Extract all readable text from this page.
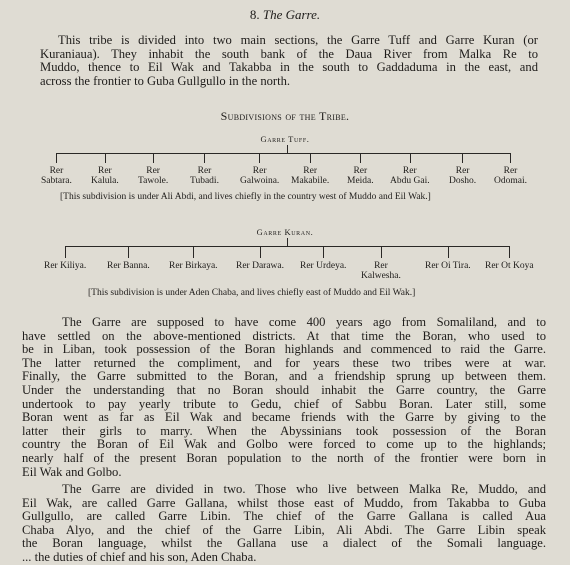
8. The Garre.
This tribe is divided into two main sections, the Garre Tuff and Garre Kuran (or
Kuraniaua). They inhabit the south bank of the Daua River from Malka Re to
Muddo, thence to Eil Wak and Takabba in the south to Gaddaduma in the east, and
across the frontier to Guba Gullgullo in the north.
Subdivisions of the Tribe.
Garre Tuff.
Rer
Sabtara.
Rer
Kalula.
Rer
Tawole.
Rer
Tubadi.
Rer
Galwoina.
Rer
Makabile.
Rer
Meida.
Rer
Abdu Gai.
Rer
Dosho.
Rer
Odomai.
[This subdivision is under Ali Abdi, and lives chiefly in the country west of Muddo and Eil Wak.]
Garre Kuran.
Rer Kiliya. Rer Banna. Rer Birkaya. Rer Darawa. Rer Urdeya.	Rer
Kalwesha.
Rer Oi Tira. Rer Ot Koya
[This subdivision is under Aden Chaba, and lives chiefly east of Muddo and Eil Wak.]
The Garre are supposed to have come 400 years ago from Somaliland, and to
have settled on the above-mentioned districts. At that time the Boran, who used to
be in Liban, took possession of the Boran highlands and commenced to raid the Garre.
The latter returned the compliment, and for years these two tribes were at war.
Finally, the Garre submitted to the Boran, and a friendship sprung up between them.
Under the understanding that no Boran should inhabit the Garre country, the Garre
undertook to pay yearly tribute to Gedu, chief of Sabbu Boran. Later still, some
Boran went as far as Eil Wak and became friends with the Garre by giving to the
latter their girls to marry. When the Abyssinians took possession of the Boran
country the Boran of Eil Wak and Golbo were forced to come up to the highlands;
nearly half of the present Boran population to the north of the frontier were born in
Eil Wak and Golbo.
The Garre are divided in two. Those who live between Malka Re, Muddo, and
Eil Wak, are called Garre Gallana, whilst those east of Muddo, from Takabba to Guba
Gullgullo, are called Garre Libin. The chief of the Garre Gallana is called Aua
Chaba Alyo, and the chief of the Garre Libin, Ali Abdi. The Garre Libin speak
the Boran language, whilst the Gallana use a dialect of the Somali language.
... the duties of chief and his son, Aden Chaba.
